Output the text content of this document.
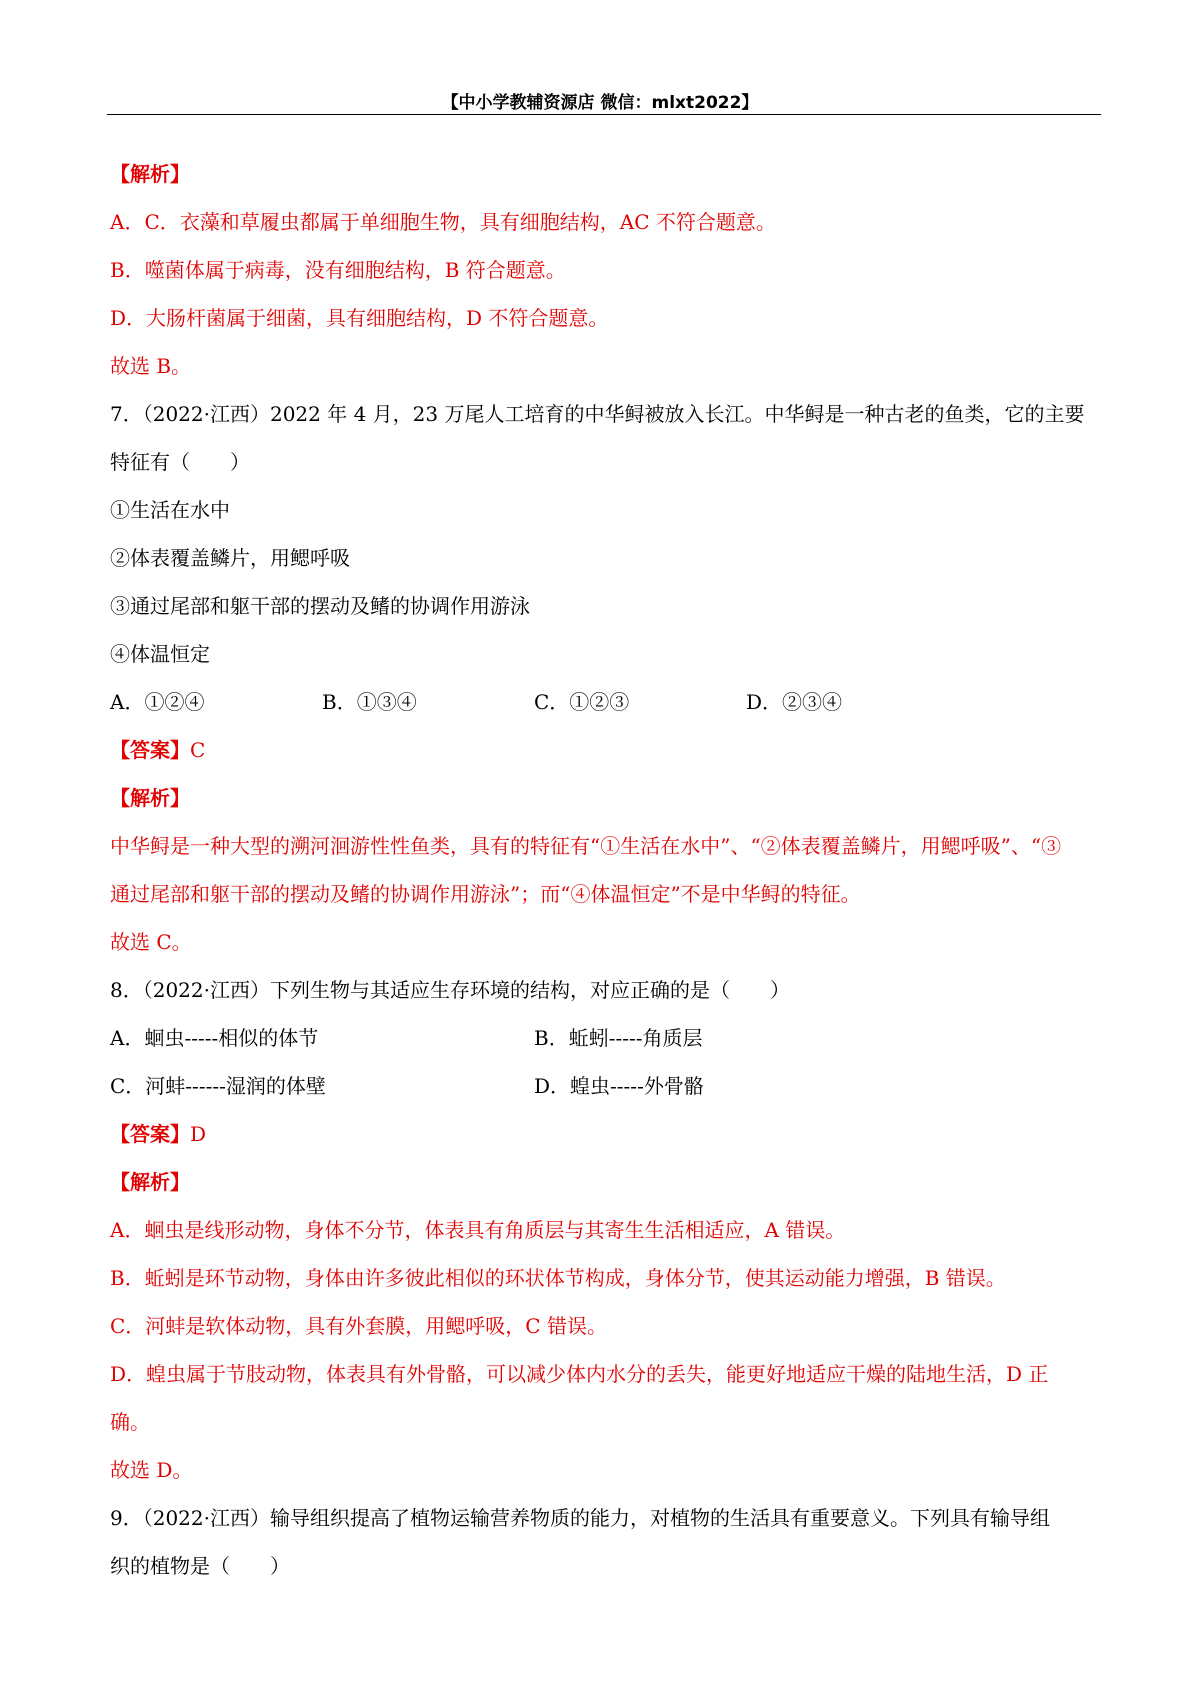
【中小学教辅资源店 微信：mlxt2022】
【解析】
A．C．衣藻和草履虫都属于单细胞生物，具有细胞结构，AC 不符合题意。
B．噬菌体属于病毒，没有细胞结构，B 符合题意。
D．大肠杆菌属于细菌，具有细胞结构，D 不符合题意。
故选 B。
7．（2022·江西）2022 年 4 月，23 万尾人工培育的中华鲟被放入长江。中华鲟是一种古老的鱼类，它的主要
特征有（　　）
①生活在水中
②体表覆盖鳞片，用鳃呼吸
③通过尾部和躯干部的摆动及鳍的协调作用游泳
④体温恒定
A．①②④	B．①③④	C．①②③	D．②③④
【答案】C
【解析】
中华鲟是一种大型的溯河洄游性性鱼类，具有的特征有“①生活在水中”、“②体表覆盖鳞片，用鳃呼吸”、“③
通过尾部和躯干部的摆动及鳍的协调作用游泳”；而“④体温恒定”不是中华鲟的特征。
故选 C。
8．（2022·江西）下列生物与其适应生存环境的结构，对应正确的是（　　）
A．蛔虫-----相似的体节	B．蚯蚓-----角质层
C．河蚌------湿润的体壁	D．蝗虫-----外骨骼
【答案】D
【解析】
A．蛔虫是线形动物，身体不分节，体表具有角质层与其寄生生活相适应，A 错误。
B．蚯蚓是环节动物，身体由许多彼此相似的环状体节构成，身体分节，使其运动能力增强，B 错误。
C．河蚌是软体动物，具有外套膜，用鳃呼吸，C 错误。
D．蝗虫属于节肢动物，体表具有外骨骼，可以减少体内水分的丢失，能更好地适应干燥的陆地生活，D 正
确。
故选 D。
9．（2022·江西）输导组织提高了植物运输营养物质的能力，对植物的生活具有重要意义。下列具有输导组
织的植物是（　　）
